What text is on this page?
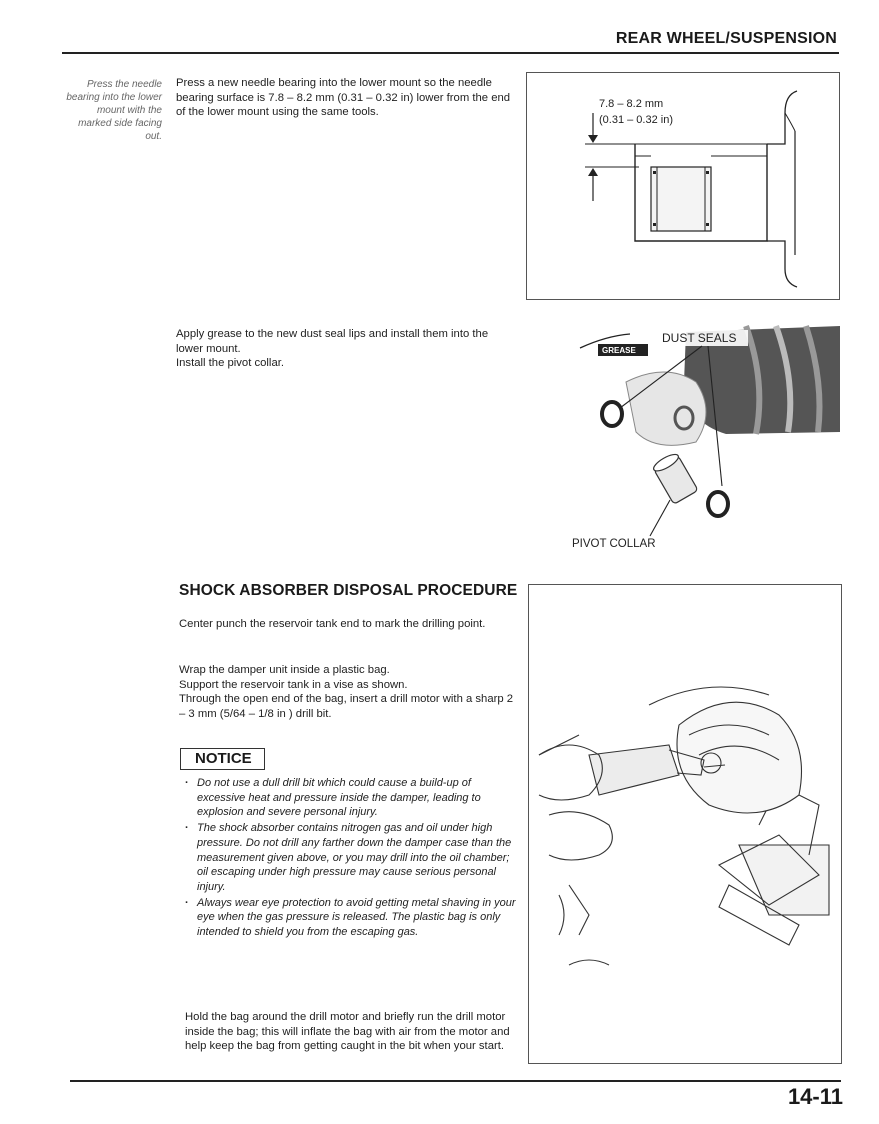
REAR WHEEL/SUSPENSION
Press the needle bearing into the lower mount with the marked side facing out.
Press a new needle bearing into the lower mount so the needle bearing surface is 7.8 – 8.2 mm (0.31 – 0.32 in) lower from the end of the lower mount using the same tools.
7.8 – 8.2 mm
(0.31 – 0.32 in)
Apply grease to the new dust seal lips and install them into the lower mount.
Install the pivot collar.
GREASE
DUST SEALS
PIVOT COLLAR
SHOCK ABSORBER DISPOSAL PROCEDURE
Center punch the reservoir tank end to mark the drilling point.
Wrap the damper unit inside a plastic bag.
Support the reservoir tank in a vise as shown.
Through the open end of the bag, insert a drill motor with a sharp 2 – 3 mm (5/64 – 1/8 in ) drill bit.
NOTICE
· Do not use a dull drill bit which could cause a build-up of excessive heat and pressure inside the damper, leading to explosion and severe personal injury.
· The shock absorber contains nitrogen gas and oil under high pressure. Do not drill any farther down the damper case than the measurement given above, or you may drill into the oil chamber; oil escaping under high pressure may cause serious personal injury.
· Always wear eye protection to avoid getting metal shaving in your eye when the gas pressure is released. The plastic bag is only intended to shield you from the escaping gas.
Hold the bag around the drill motor and briefly run the drill motor inside the bag; this will inflate the bag with air from the motor and help keep the bag from getting caught in the bit when your start.
14-11
